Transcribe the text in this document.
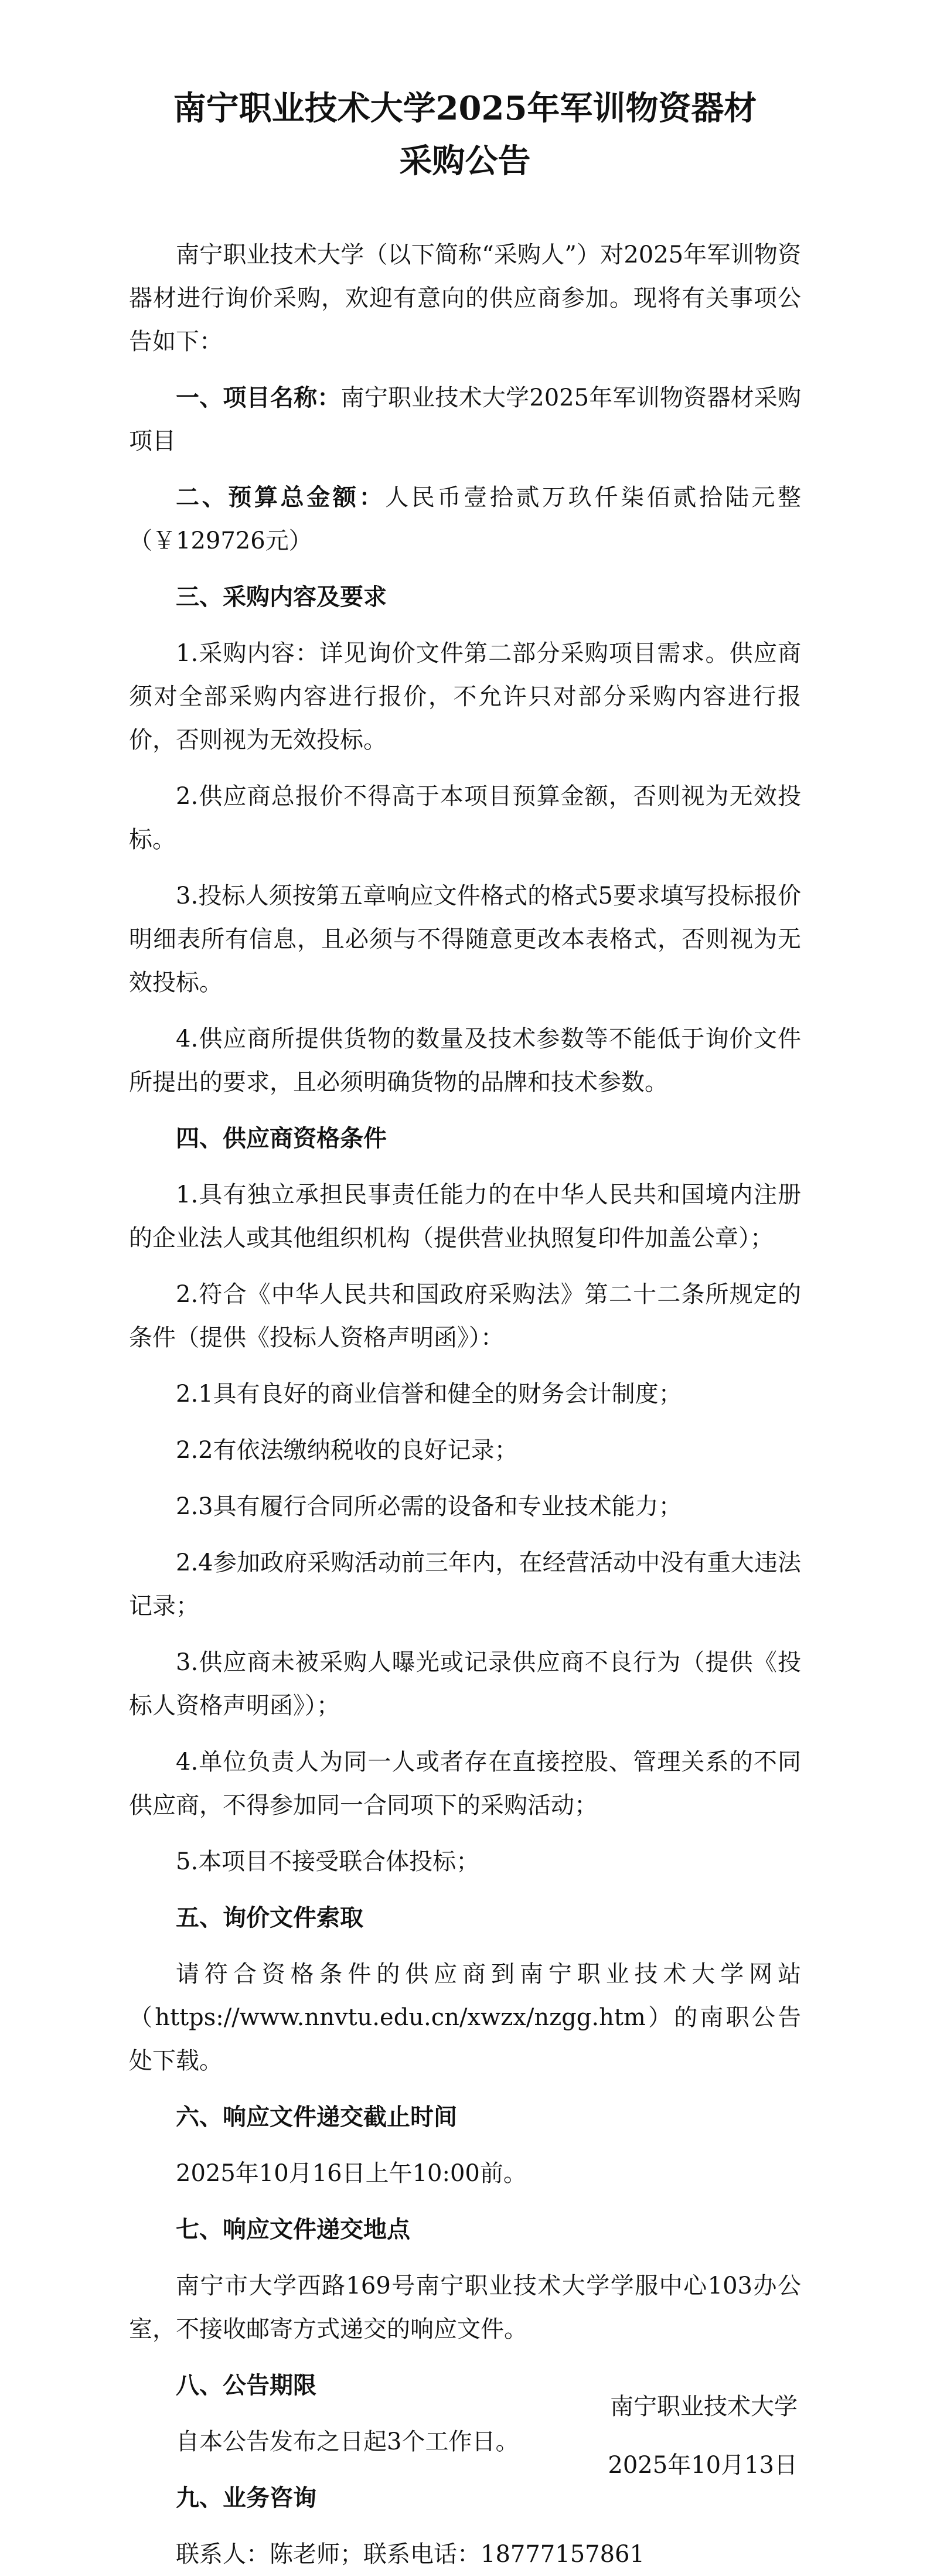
南宁职业技术大学2025年军训物资器材
采购公告

南宁职业技术大学（以下简称“采购人”）对2025年军训物资器材进行询价采购，欢迎有意向的供应商参加。现将有关事项公告如下：

一、项目名称：南宁职业技术大学2025年军训物资器材采购项目

二、预算总金额：人民币壹拾贰万玖仟柒佰贰拾陆元整（￥129726元）

三、采购内容及要求

1.采购内容：详见询价文件第二部分采购项目需求。供应商须对全部采购内容进行报价，不允许只对部分采购内容进行报价，否则视为无效投标。

2.供应商总报价不得高于本项目预算金额，否则视为无效投标。

3.投标人须按第五章响应文件格式的格式5要求填写投标报价明细表所有信息，且必须与不得随意更改本表格式，否则视为无效投标。

4.供应商所提供货物的数量及技术参数等不能低于询价文件所提出的要求，且必须明确货物的品牌和技术参数。

四、供应商资格条件

1.具有独立承担民事责任能力的在中华人民共和国境内注册的企业法人或其他组织机构（提供营业执照复印件加盖公章）；

2.符合《中华人民共和国政府采购法》第二十二条所规定的条件（提供《投标人资格声明函》）：

2.1具有良好的商业信誉和健全的财务会计制度；

2.2有依法缴纳税收的良好记录；

2.3具有履行合同所必需的设备和专业技术能力；

2.4参加政府采购活动前三年内，在经营活动中没有重大违法记录；

3.供应商未被采购人曝光或记录供应商不良行为（提供《投标人资格声明函》）；

4.单位负责人为同一人或者存在直接控股、管理关系的不同供应商，不得参加同一合同项下的采购活动；

5.本项目不接受联合体投标；

五、询价文件索取

请符合资格条件的供应商到南宁职业技术大学网站（https://www.nnvtu.edu.cn/xwzx/nzgg.htm）的南职公告处下载。

六、响应文件递交截止时间

2025年10月16日上午10:00前。

七、响应文件递交地点

南宁市大学西路169号南宁职业技术大学学服中心103办公室，不接收邮寄方式递交的响应文件。

八、公告期限

自本公告发布之日起3个工作日。

九、业务咨询

联系人：陈老师；联系电话：18777157861

南宁职业技术大学
2025年10月13日
